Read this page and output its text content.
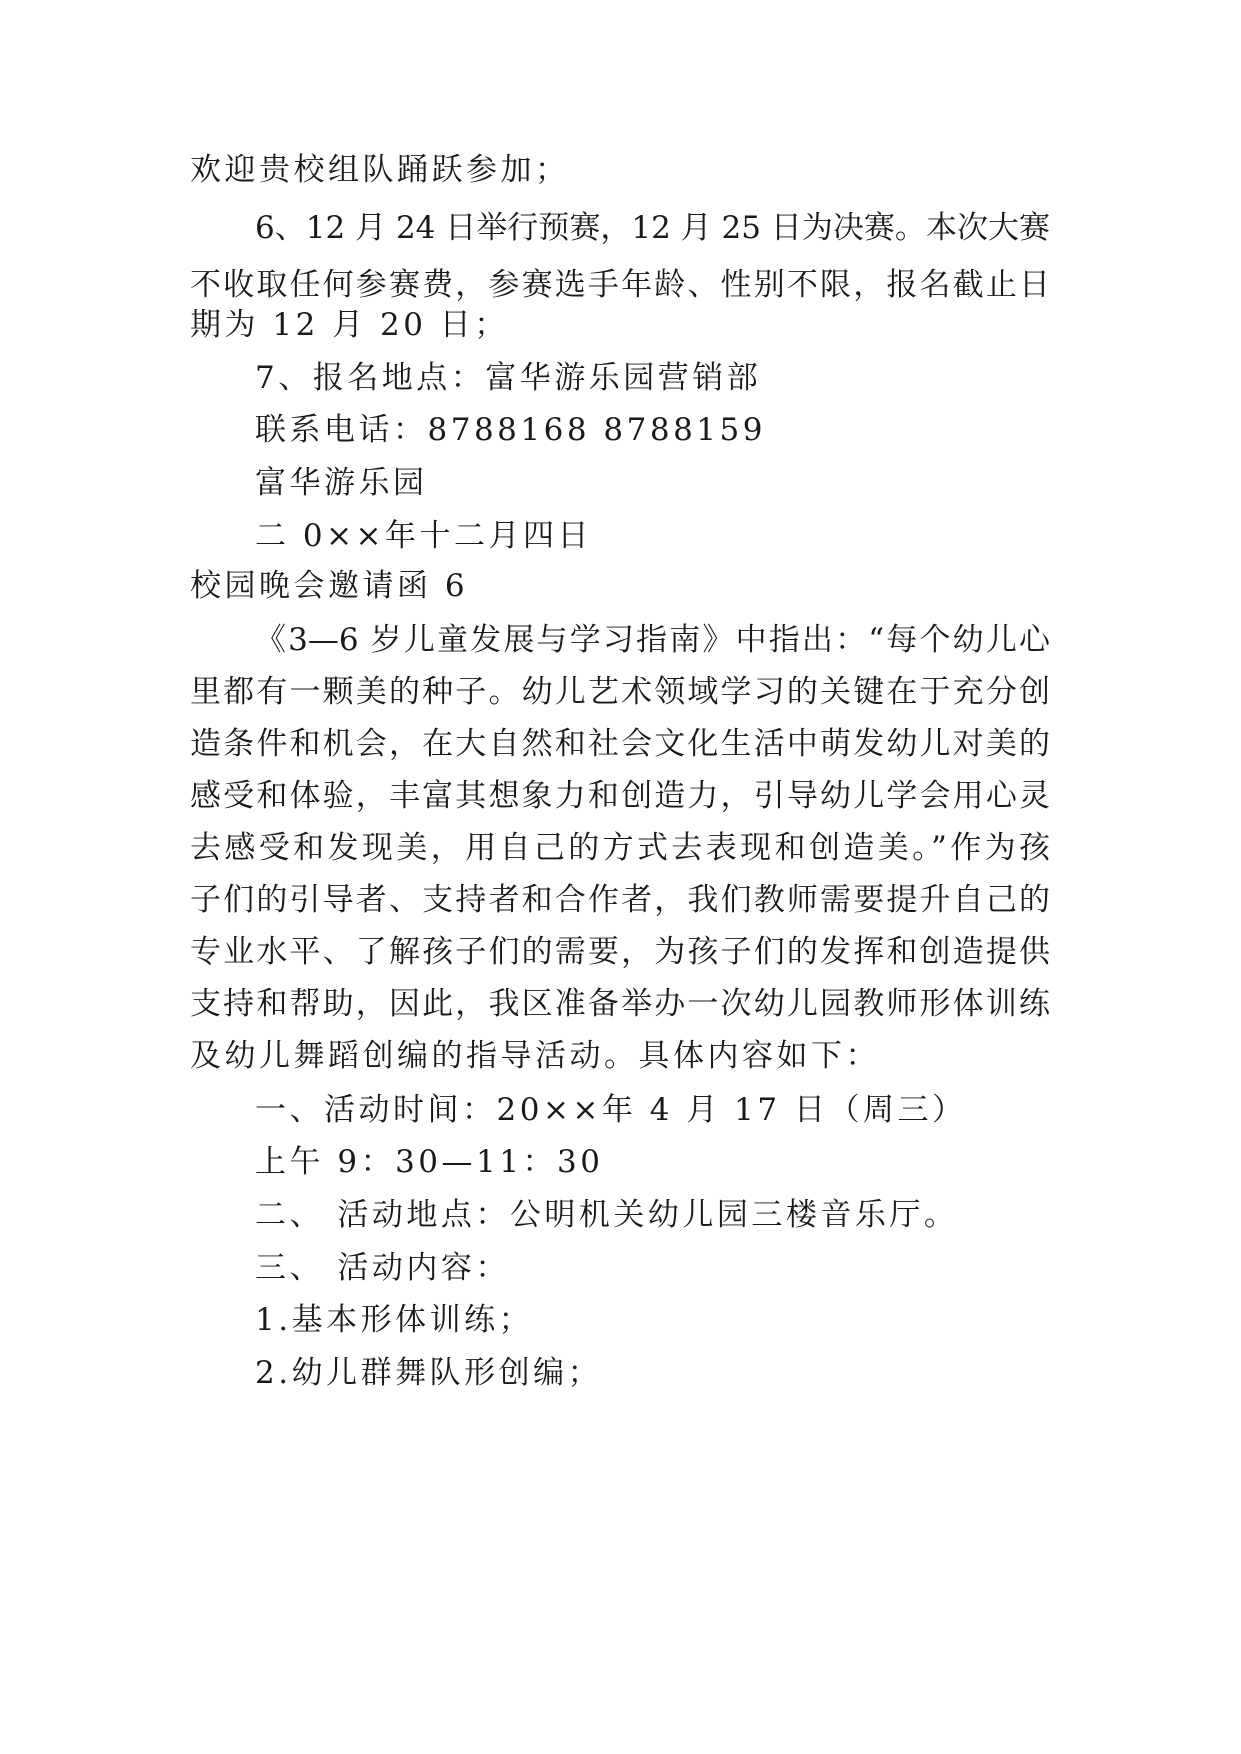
欢迎贵校组队踊跃参加；
6、12 月 24 日举行预赛，12 月 25 日为决赛。本次大赛
不收取任何参赛费，参赛选手年龄、性别不限，报名截止日
期为 12 月 20 日；
7、报名地点：富华游乐园营销部
联系电话：8788168 8788159
富华游乐园
二 0××年十二月四日
校园晚会邀请函 6
《3—6 岁儿童发展与学习指南》中指出：“每个幼儿心
里都有一颗美的种子。幼儿艺术领域学习的关键在于充分创
造条件和机会，在大自然和社会文化生活中萌发幼儿对美的
感受和体验，丰富其想象力和创造力，引导幼儿学会用心灵
去感受和发现美，用自己的方式去表现和创造美。”作为孩
子们的引导者、支持者和合作者，我们教师需要提升自己的
专业水平、了解孩子们的需要，为孩子们的发挥和创造提供
支持和帮助，因此，我区准备举办一次幼儿园教师形体训练
及幼儿舞蹈创编的指导活动。具体内容如下：
一、活动时间：20××年 4 月 17 日（周三）
上午 9：30—11：30
二、 活动地点：公明机关幼儿园三楼音乐厅。
三、 活动内容：
1.基本形体训练；
2.幼儿群舞队形创编；
